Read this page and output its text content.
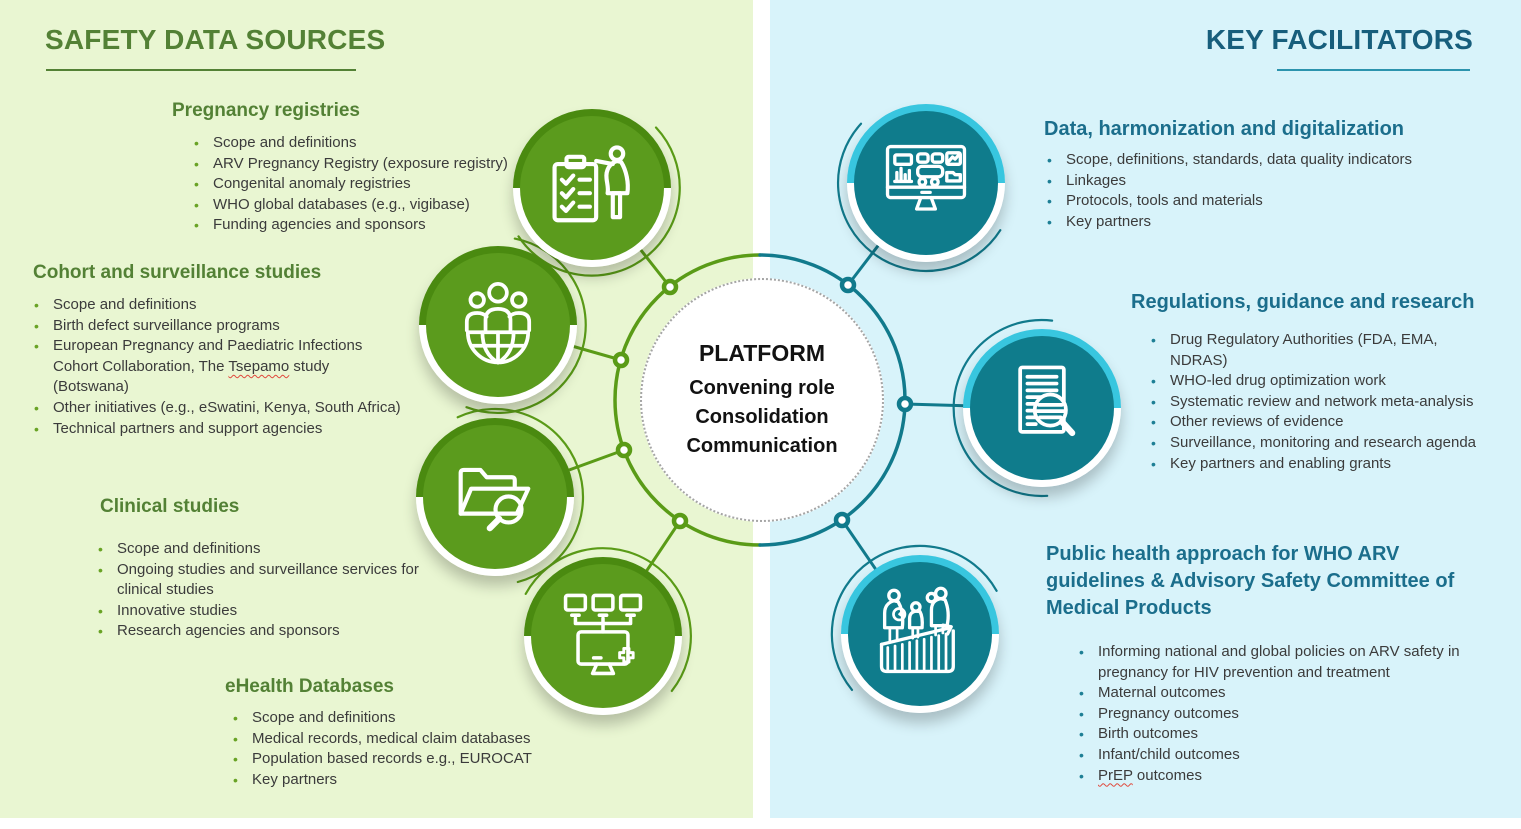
SAFETY DATA SOURCES	KEY FACILITATORS
PLATFORM
Convening role
Consolidation
Communication
Pregnancy registries
• Scope and definitions
• ARV Pregnancy Registry (exposure registry)
• Congenital anomaly registries
• WHO global databases (e.g., vigibase)
• Funding agencies and sponsors
Cohort and surveillance studies
• Scope and definitions
• Birth defect surveillance programs
• European Pregnancy and Paediatric Infections Cohort Collaboration, The Tsepamo study (Botswana)
• Other initiatives (e.g., eSwatini, Kenya, South Africa)
• Technical partners and support agencies
Clinical studies
• Scope and definitions
• Ongoing studies and surveillance services for clinical studies
• Innovative studies
• Research agencies and sponsors
eHealth Databases
• Scope and definitions
• Medical records, medical claim databases
• Population based records e.g., EUROCAT
• Key partners
Data, harmonization and digitalization
• Scope, definitions, standards, data quality indicators
• Linkages
• Protocols, tools and materials
• Key partners
Regulations, guidance and research
• Drug Regulatory Authorities (FDA, EMA, NDRAS)
• WHO-led drug optimization work
• Systematic review and network meta-analysis
• Other reviews of evidence
• Surveillance, monitoring and research agenda
• Key partners and enabling grants
Public health approach for WHO ARV guidelines & Advisory Safety Committee of Medical Products
• Informing national and global policies on ARV safety in pregnancy for HIV prevention and treatment
• Maternal outcomes
• Pregnancy outcomes
• Birth outcomes
• Infant/child outcomes
• PrEP outcomes
